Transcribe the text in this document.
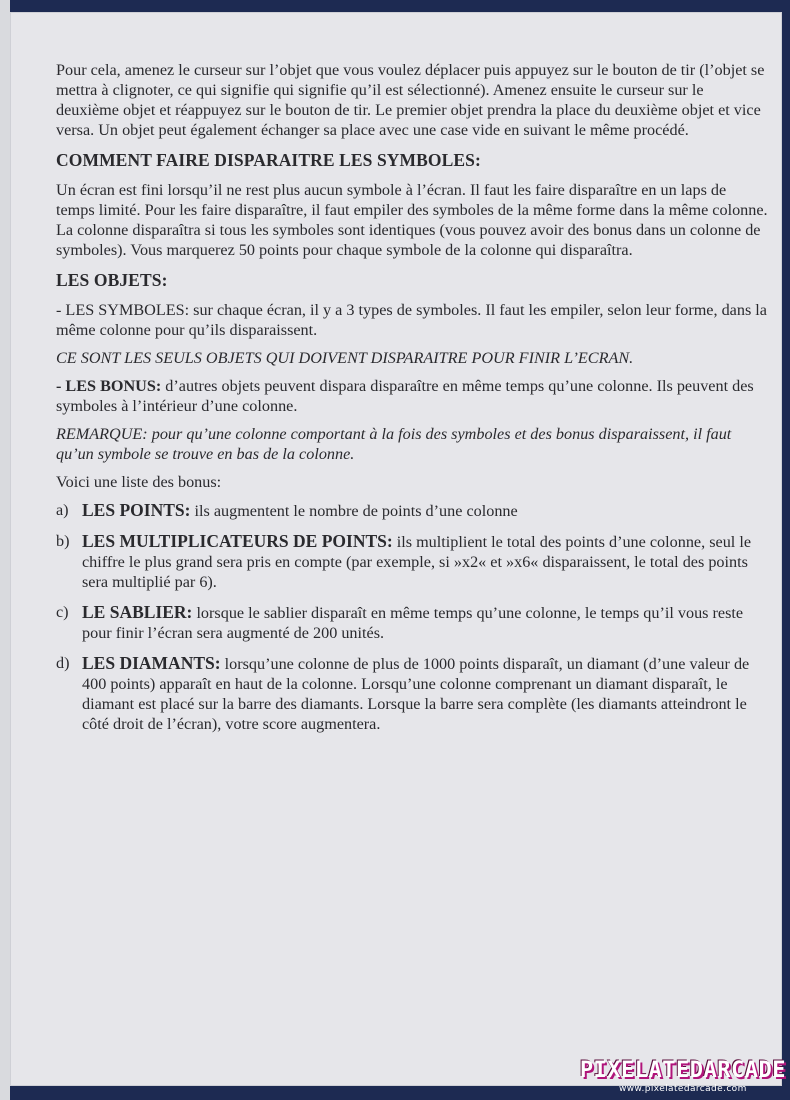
Pour cela, amenez le curseur sur l’objet que vous voulez déplacer puis appuyez sur le bouton de tir (l’objet se mettra à clignoter, ce qui signifie qui signifie qu’il est sélectionné). Amenez ensuite le curseur sur le deuxième objet et réappuyez sur le bouton de tir. Le premier objet prendra la place du deuxième objet et vice versa. Un objet peut également échanger sa place avec une case vide en suivant le même procédé.

COMMENT FAIRE DISPARAITRE LES SYMBOLES:

Un écran est fini lorsqu’il ne rest plus aucun symbole à l’écran. Il faut les faire disparaître en un laps de temps limité. Pour les faire disparaître, il faut empiler des symboles de la même forme dans la même colonne. La colonne disparaîtra si tous les symboles sont identiques (vous pouvez avoir des bonus dans un colonne de symboles). Vous marquerez 50 points pour chaque symbole de la colonne qui disparaîtra.

LES OBJETS:

- LES SYMBOLES: sur chaque écran, il y a 3 types de symboles. Il faut les empiler, selon leur forme, dans la même colonne pour qu’ils disparaissent.

CE SONT LES SEULS OBJETS QUI DOIVENT DISPARAITRE POUR FINIR L’ECRAN.

- LES BONUS: d’autres objets peuvent dispara disparaître en même temps qu’une colonne. Ils peuvent des symboles à l’intérieur d’une colonne.

REMARQUE: pour qu’une colonne comportant à la fois des symboles et des bonus disparaissent, il faut qu’un symbole se trouve en bas de la colonne.

Voici une liste des bonus:

a) LES POINTS: ils augmentent le nombre de points d’une colonne
b) LES MULTIPLICATEURS DE POINTS: ils multiplient le total des points d’une colonne, seul le chiffre le plus grand sera pris en compte (par exemple, si »x2« et »x6« disparaissent, le total des points sera multiplié par 6).
c) LE SABLIER: lorsque le sablier disparaît en même temps qu’une colonne, le temps qu’il vous reste pour finir l’écran sera augmenté de 200 unités.
d) LES DIAMANTS: lorsqu’une colonne de plus de 1000 points disparaît, un diamant (d’une valeur de 400 points) apparaît en haut de la colonne. Lorsqu’une colonne comprenant un diamant disparaît, le diamant est placé sur la barre des diamants. Lorsque la barre sera complète (les diamants atteindront le côté droit de l’écran), votre score augmentera.
PIXELATEDARCADE
www.pixelatedarcade.com
